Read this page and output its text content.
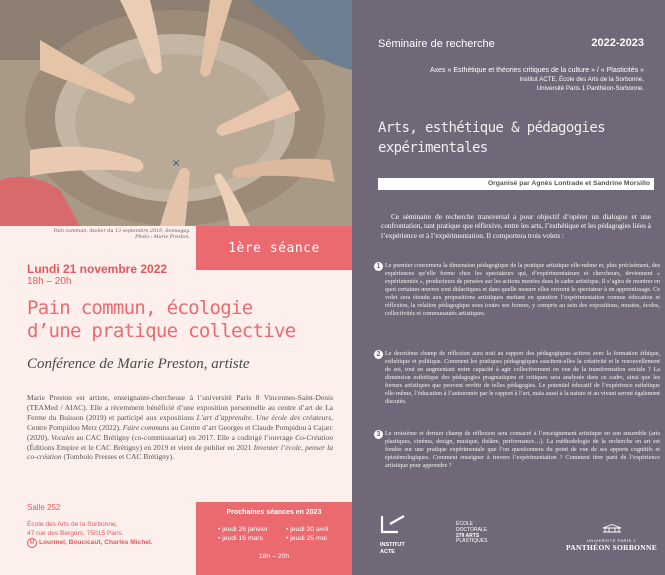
×
Pain commun, Atelier du 13 septembre 2019, Sonnegay.
Photo : Marie Preston.
1ère séance
Lundi 21 novembre 2022
18h – 20h
Pain commun, écologie
d’une pratique collective
Conférence de Marie Preston, artiste
Marie Preston est artiste, enseignante-chercheuse à l’université Paris 8 Vincennes-Saint-Denis (TEAMed / AIAC). Elle a récemment bénéficié d’une exposition personnelle au centre d’art de La Ferme du Buisson (2019) et participé aux expositions L’art d’apprendre. Une école des créateurs, Centre Pompidou Metz (2022), Faire communs au Centre d’art Georges et Claude Pompidou à Cajarc (2020), Vocales au CAC Brétigny (co-commissariat) en 2017. Elle a codirigé l’ouvrage Co-Création (Éditions Empire et le CAC Brétigny) en 2019 et vient de publier en 2021 Inventer l’école, penser la co-création (Tombolo Presses et CAC Brétigny).
Salle 252
École des Arts de la Sorbonne,
47 rue des Bergers, 75015 Paris
M Lourmel, Boucicaut, Charles Michel.
Prochaines séances en 2023
• jeudi 26 janvier
• jeudi 16 mars
• jeudi 20 avril
• jeudi 25 mai
18h – 20h
Séminaire de recherche	2022-2023
Axes « Esthétique et théories critiques de la culture » / « Plasticités »
Institut ACTE, École des Arts de la Sorbonne,
Université Paris 1 Panthéon-Sorbonne.
Arts, esthétique & pédagogies
expérimentales
Organisé par Agnès Lontrade et Sandrine Morsillo
Ce séminaire de recherche transversal a pour objectif d’opérer un dialogue et une confrontation, tant pratique que réflexive, entre les arts, l’esthétique et les pédagogies liées à l’expérience et à l’expérimentation. Il comportera trois volets :
1 Le premier concernera la dimension pédagogique de la pratique artistique elle-même et, plus précisément, des expériences qu’elle forme chez les spectateurs qui, d’expérimentateurs et chercheurs, deviennent « expérimentés », producteurs de pensées sur les actions menées dans le cadre artistique. Il s’agira de montrer en quoi certaines œuvres sont didactiques et dans quelle mesure elles ouvrent le spectateur à un apprentissage. Ce volet sera étendu aux propositions artistiques mettant en question l’expérimentation comme éducation et réflexion, la relation pédagogique sous toutes ses formes, y compris au sein des expositions, musées, écoles, collectivités et communautés artistiques.
2 Le deuxième champ de réflexion aura trait au rapport des pédagogiques actives avec la formation éthique, esthétique et politique. Comment les pratiques pédagogiques suscitent-elles la créativité et le renouvellement de soi, tout en augmentant notre capacité à agir collectivement en vue de la transformation sociale ? La dimension esthétique des pédagogies pragmatiques et critiques sera analysée dans ce cadre, ainsi que les formes artistiques que peuvent revêtir de telles pédagogies. Le potentiel éducatif de l’expérience esthétique elle-même, l’éducation à l’autonomie par le rapport à l’art, mais aussi à la nature et au vivant seront également discutés.
3 Le troisième et dernier champ de réflexion sera consacré à l’enseignement artistique en son ensemble (arts plastiques, cinéma, design, musique, théâtre, performance…). La méthodologie de la recherche en art est fondée sur une pratique expérimentale que l’on questionnera du point de vue de ses apports cognitifs et épistémologiques. Comment enseigner à travers l’expérimentation ? Comment tirer parti de l’expérience artistique pour apprendre ?
INSTITUT
ACTE
ÉCOLE
DOCTORALE
279 ARTS
PLASTIQUES	UNIVERSITÉ PARIS 1
PANTHÉON SORBONNE
